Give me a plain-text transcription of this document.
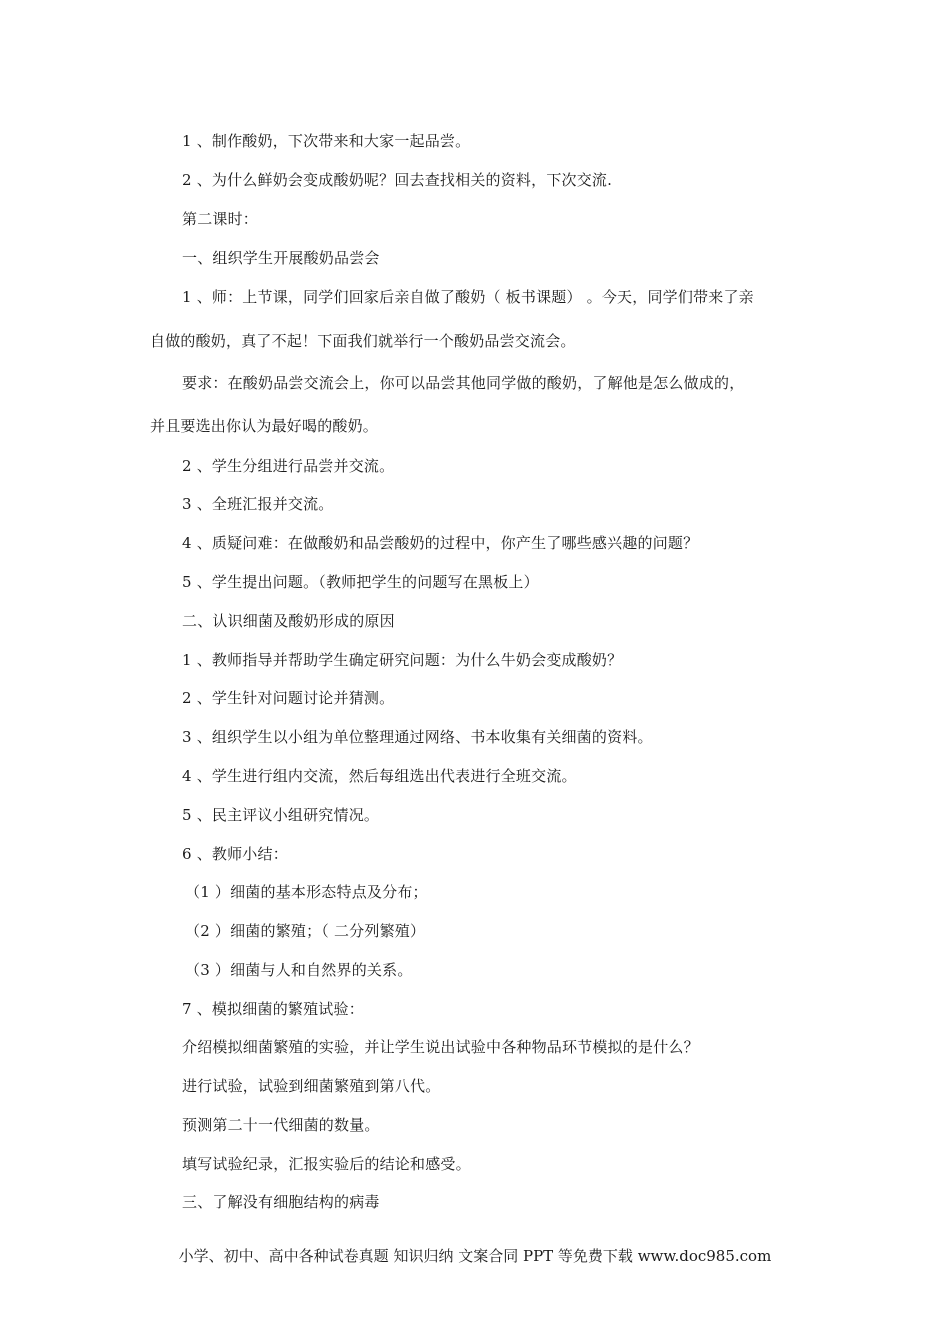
1 、制作酸奶，下次带来和大家一起品尝。
2 、为什么鲜奶会变成酸奶呢？回去查找相关的资料，下次交流.
第二课时：
一、组织学生开展酸奶品尝会
1 、师：上节课，同学们回家后亲自做了酸奶（ 板书课题） 。今天，同学们带来了亲
自做的酸奶，真了不起！下面我们就举行一个酸奶品尝交流会。
要求：在酸奶品尝交流会上，你可以品尝其他同学做的酸奶，了解他是怎么做成的，
并且要选出你认为最好喝的酸奶。
2 、学生分组进行品尝并交流。
3 、全班汇报并交流。
4 、质疑问难：在做酸奶和品尝酸奶的过程中，你产生了哪些感兴趣的问题？
5 、学生提出问题。（教师把学生的问题写在黑板上）
二、认识细菌及酸奶形成的原因
1 、教师指导并帮助学生确定研究问题：为什么牛奶会变成酸奶？
2 、学生针对问题讨论并猜测。
3 、组织学生以小组为单位整理通过网络、书本收集有关细菌的资料。
4 、学生进行组内交流，然后每组选出代表进行全班交流。
5 、民主评议小组研究情况。
6 、教师小结：
（1 ）细菌的基本形态特点及分布；
（2 ）细菌的繁殖；（ 二分列繁殖）
（3 ）细菌与人和自然界的关系。
7 、模拟细菌的繁殖试验：
介绍模拟细菌繁殖的实验，并让学生说出试验中各种物品环节模拟的是什么？
进行试验，试验到细菌繁殖到第八代。
预测第二十一代细菌的数量。
填写试验纪录，汇报实验后的结论和感受。
三、了解没有细胞结构的病毒
小学、初中、高中各种试卷真题 知识归纳 文案合同 PPT 等免费下载 www.doc985.com
